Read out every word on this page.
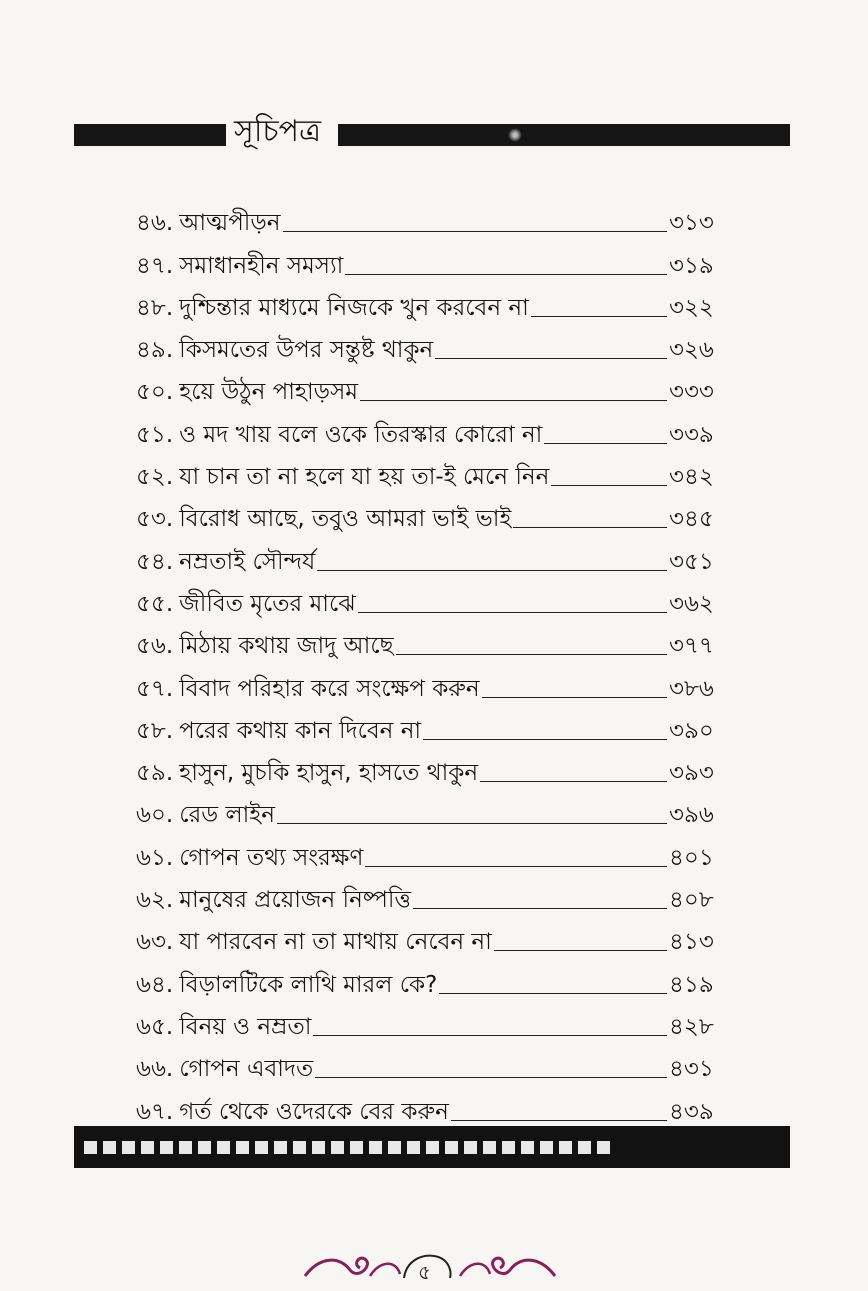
সূচিপত্র
৪৬. আত্মপীড়ন	৩১৩
৪৭. সমাধানহীন সমস্যা	৩১৯
৪৮. দুশ্চিন্তার মাধ্যমে নিজকে খুন করবেন না	৩২২
৪৯. কিসমতের উপর সন্তুষ্ট থাকুন	৩২৬
৫০. হয়ে উঠুন পাহাড়সম	৩৩৩
৫১. ও মদ খায় বলে ওকে তিরস্কার কোরো না	৩৩৯
৫২. যা চান তা না হলে যা হয় তা-ই মেনে নিন	৩৪২
৫৩. বিরোধ আছে, তবুও আমরা ভাই ভাই	৩৪৫
৫৪. নম্রতাই সৌন্দর্য	৩৫১
৫৫. জীবিত মৃতের মাঝে	৩৬২
৫৬. মিঠায় কথায় জাদু আছে	৩৭৭
৫৭. বিবাদ পরিহার করে সংক্ষেপ করুন	৩৮৬
৫৮. পরের কথায় কান দিবেন না	৩৯০
৫৯. হাসুন, মুচকি হাসুন, হাসতে থাকুন	৩৯৩
৬০. রেড লাইন	৩৯৬
৬১. গোপন তথ্য সংরক্ষণ	৪০১
৬২. মানুষের প্রয়োজন নিষ্পত্তি	৪০৮
৬৩. যা পারবেন না তা মাথায় নেবেন না	৪১৩
৬৪. বিড়ালটিকে লাথি মারল কে?	৪১৯
৬৫. বিনয় ও নম্রতা	৪২৮
৬৬. গোপন এবাদত	৪৩১
৬৭. গর্ত থেকে ওদেরকে বের করুন	৪৩৯
৫
